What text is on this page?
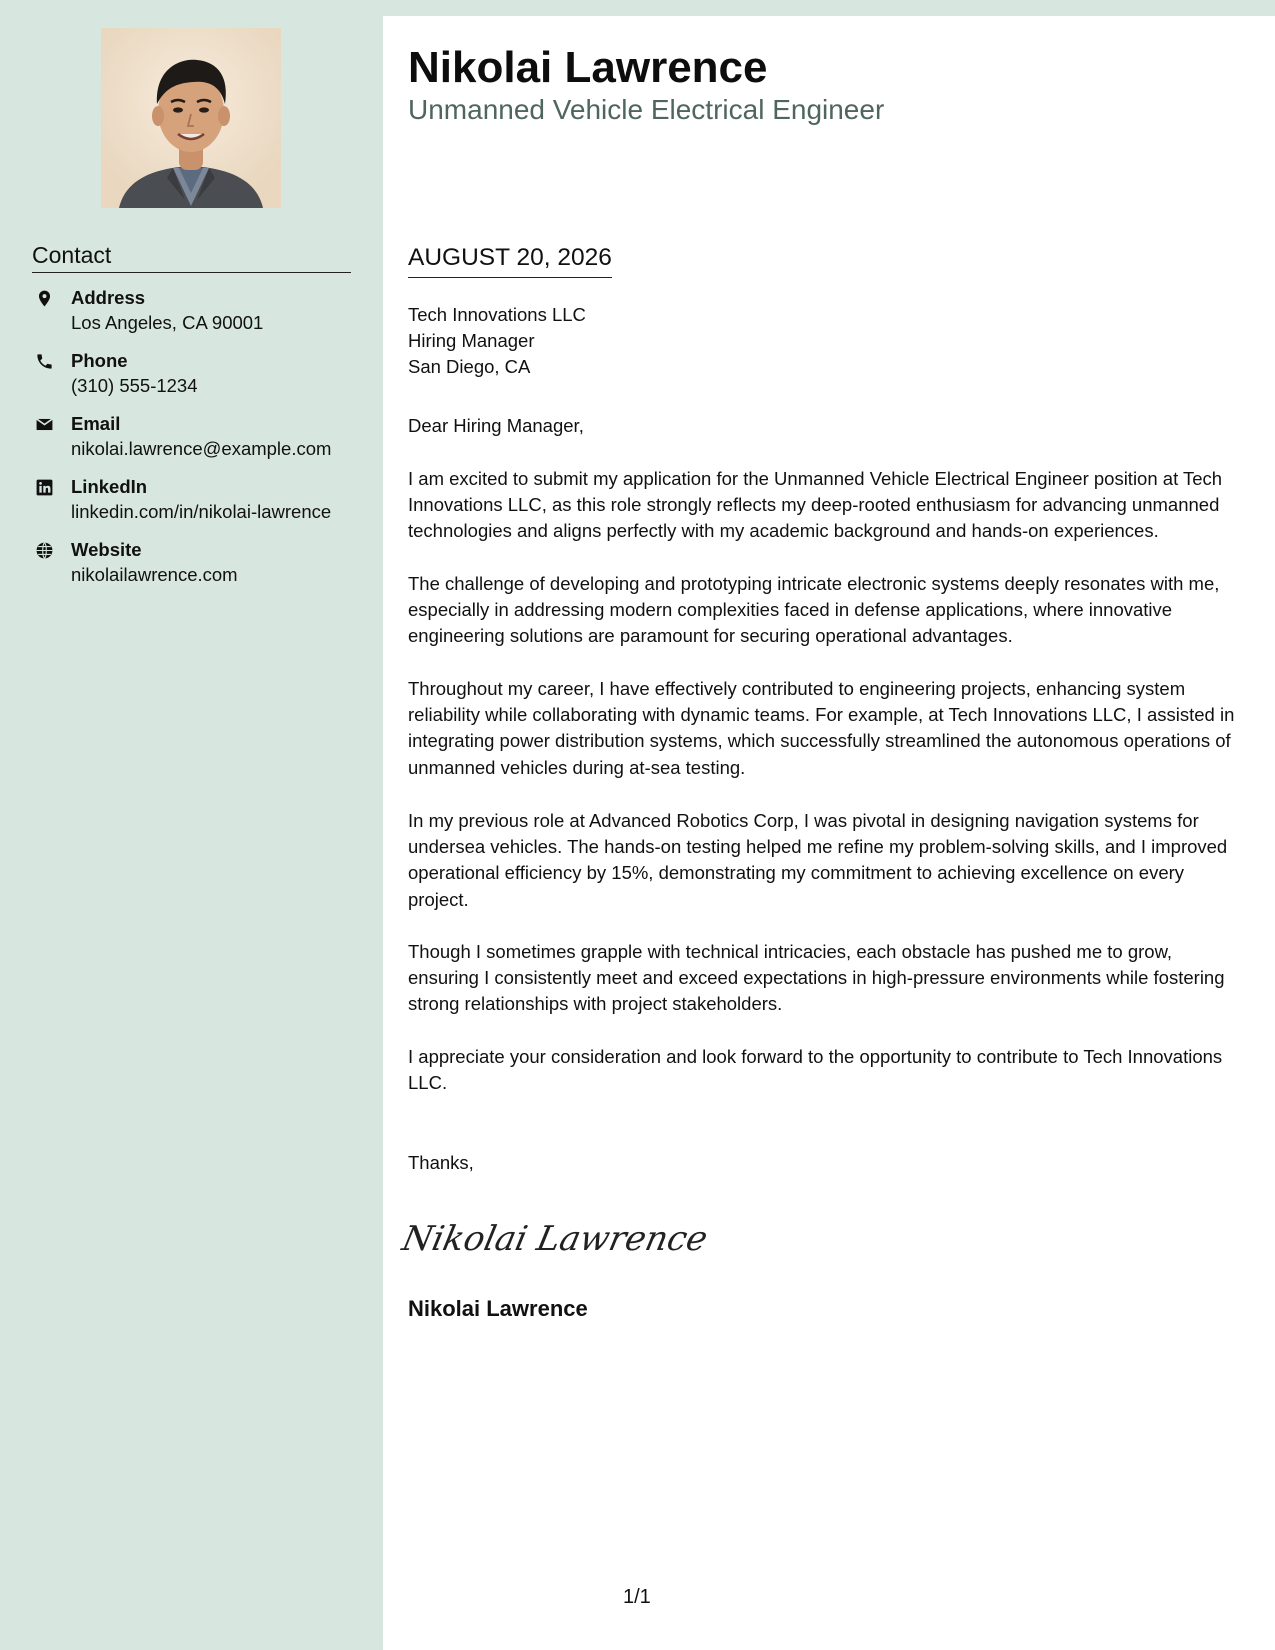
Contact
Address
Los Angeles, CA 90001
Phone
(310) 555-1234
Email
nikolai.lawrence@example.com
LinkedIn
linkedin.com/in/nikolai-lawrence
Website
nikolailawrence.com
Nikolai Lawrence
Unmanned Vehicle Electrical Engineer
AUGUST 20, 2026
Tech Innovations LLC
Hiring Manager
San Diego, CA

Dear Hiring Manager,

I am excited to submit my application for the Unmanned Vehicle Electrical Engineer position at Tech Innovations LLC, as this role strongly reflects my deep-rooted enthusiasm for advancing unmanned technologies and aligns perfectly with my academic background and hands-on experiences.

The challenge of developing and prototyping intricate electronic systems deeply resonates with me, especially in addressing modern complexities faced in defense applications, where innovative engineering solutions are paramount for securing operational advantages.

Throughout my career, I have effectively contributed to engineering projects, enhancing system reliability while collaborating with dynamic teams. For example, at Tech Innovations LLC, I assisted in integrating power distribution systems, which successfully streamlined the autonomous operations of unmanned vehicles during at-sea testing.

In my previous role at Advanced Robotics Corp, I was pivotal in designing navigation systems for undersea vehicles. The hands-on testing helped me refine my problem-solving skills, and I improved operational efficiency by 15%, demonstrating my commitment to achieving excellence on every project.

Though I sometimes grapple with technical intricacies, each obstacle has pushed me to grow, ensuring I consistently meet and exceed expectations in high-pressure environments while fostering strong relationships with project stakeholders.

I appreciate your consideration and look forward to the opportunity to contribute to Tech Innovations LLC.

Thanks,

Nikolai Lawrence
Nikolai Lawrence
1/1
